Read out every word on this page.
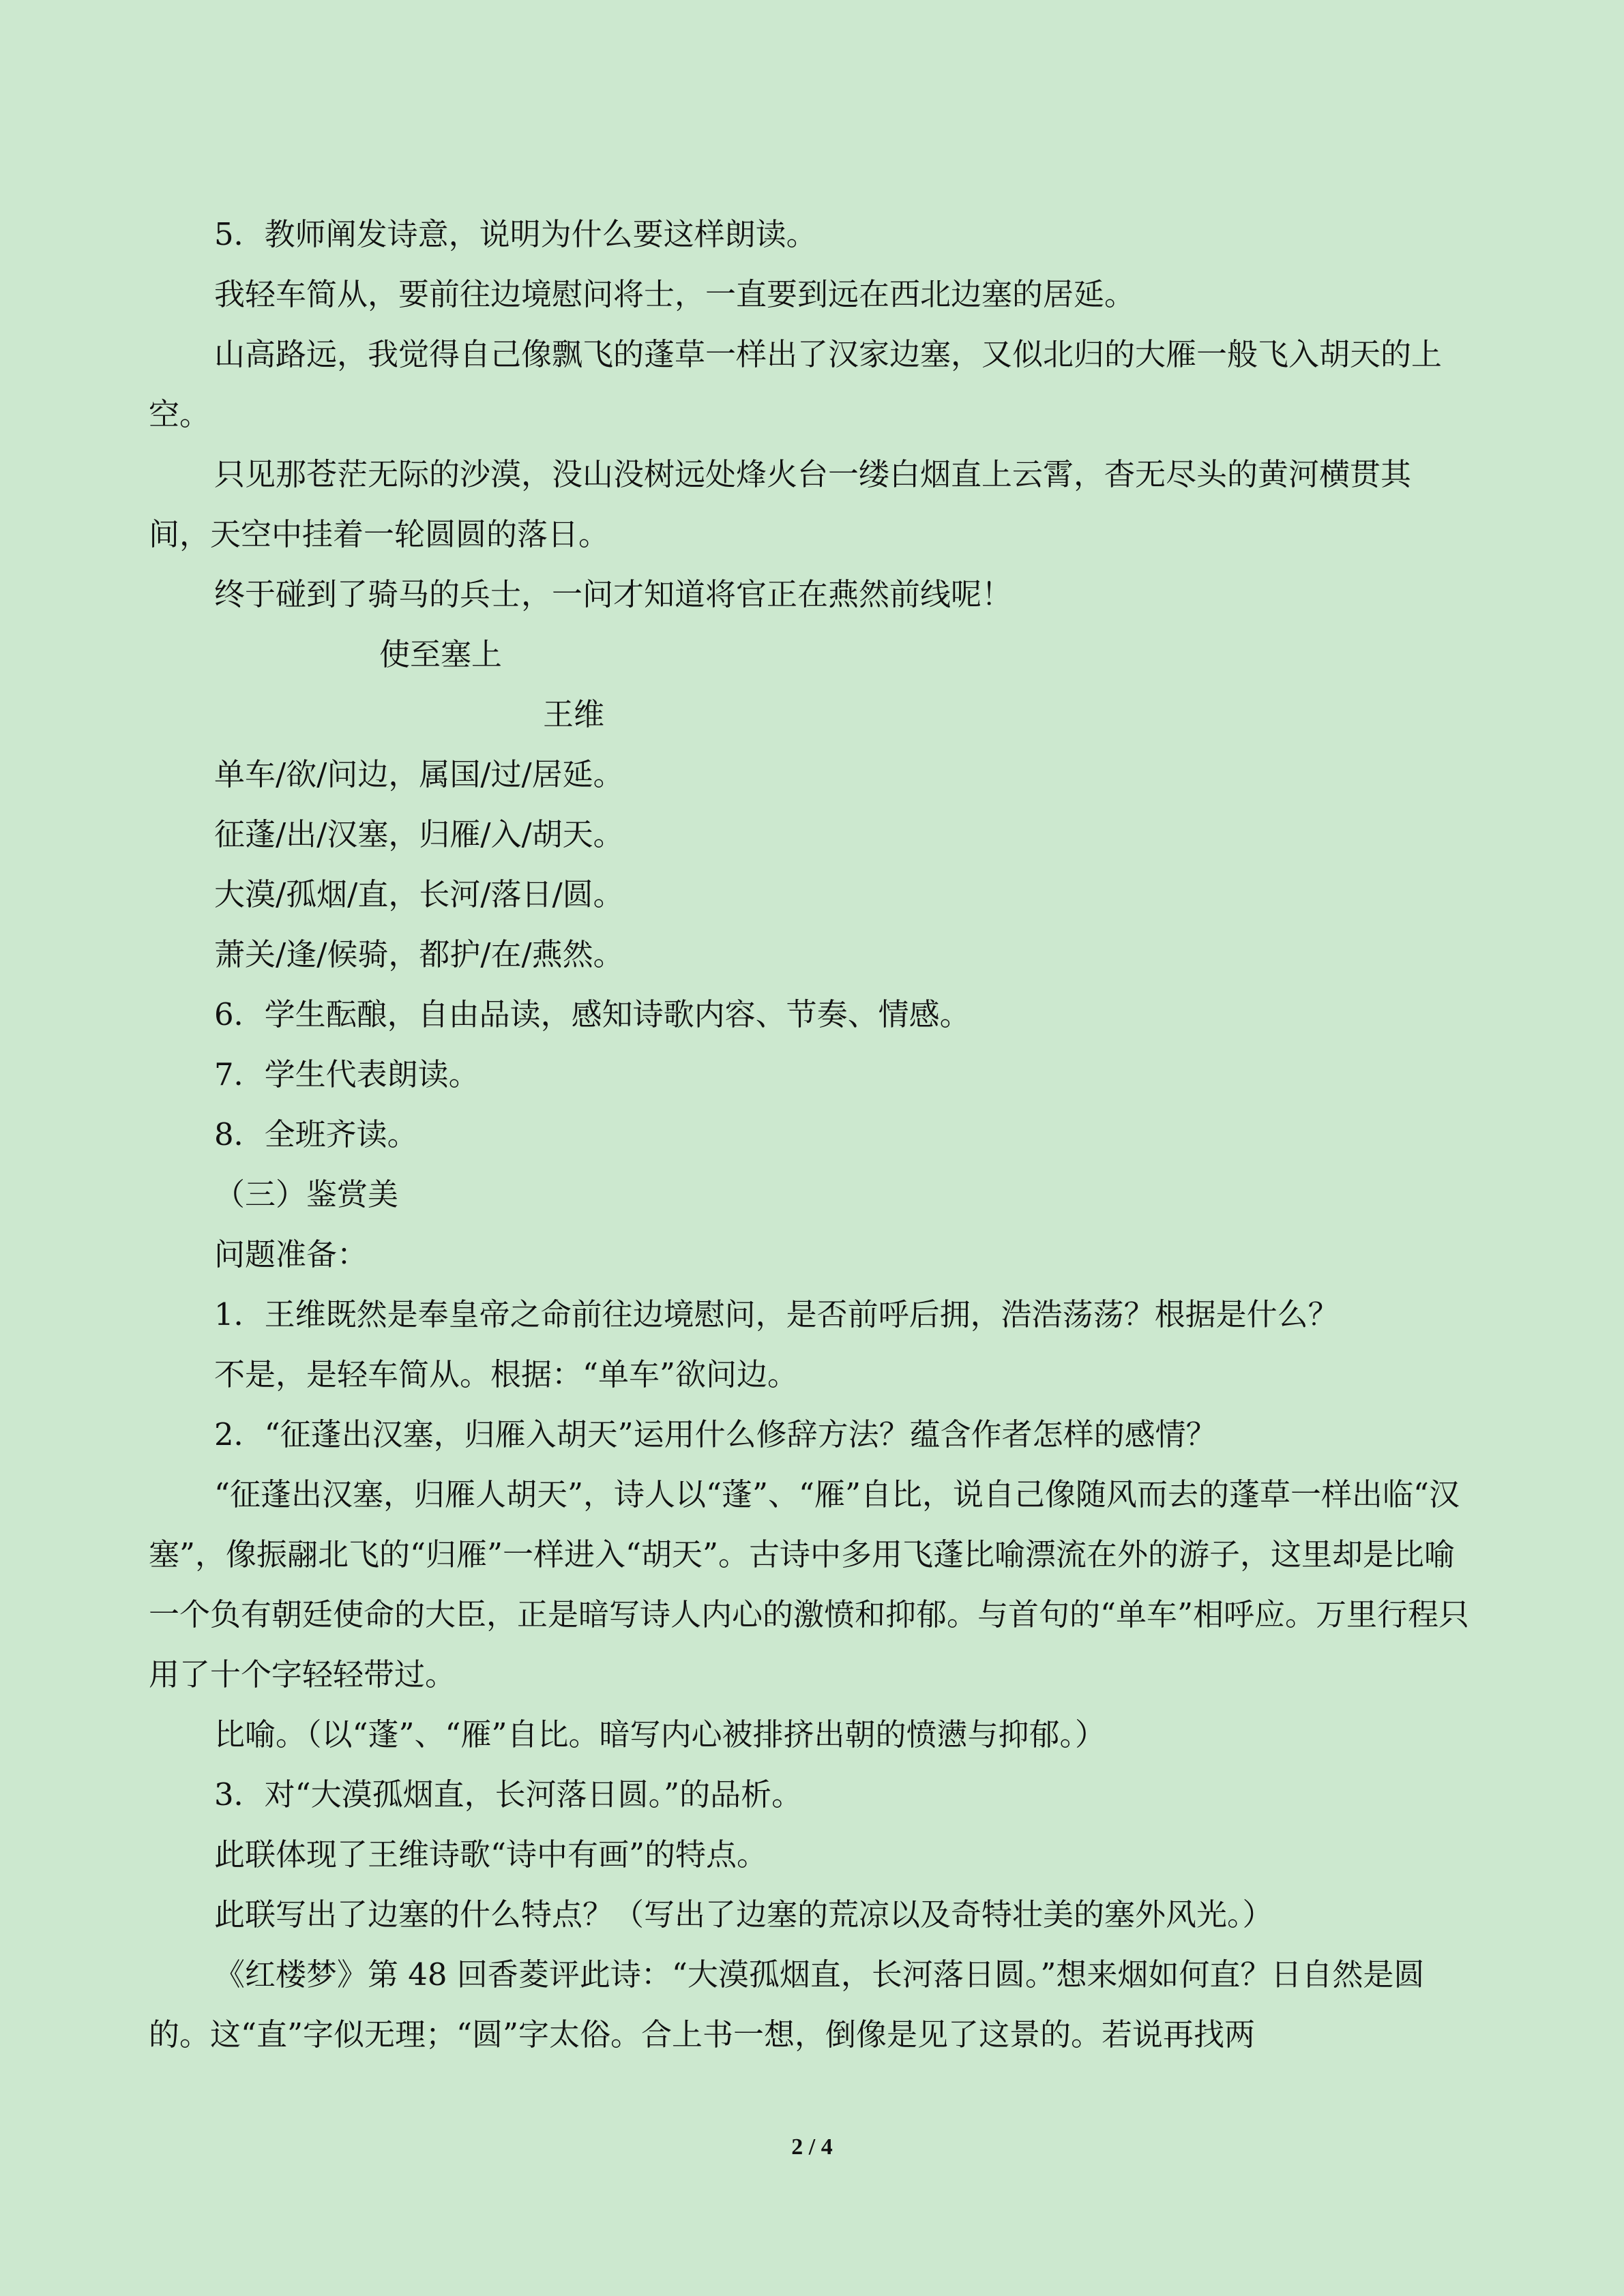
5．教师阐发诗意，说明为什么要这样朗读。

我轻车简从，要前往边境慰问将士，一直要到远在西北边塞的居延。

山高路远，我觉得自己像飘飞的蓬草一样出了汉家边塞，又似北归的大雁一般飞入胡天的上空。

只见那苍茫无际的沙漠，没山没树远处烽火台一缕白烟直上云霄，杳无尽头的黄河横贯其间，天空中挂着一轮圆圆的落日。

终于碰到了骑马的兵士，一问才知道将官正在燕然前线呢！

使至塞上

王维

单车/欲/问边，属国/过/居延。

征蓬/出/汉塞，归雁/入/胡天。

大漠/孤烟/直，长河/落日/圆。

萧关/逢/候骑，都护/在/燕然。

6．学生酝酿，自由品读，感知诗歌内容、节奏、情感。

7．学生代表朗读。

8．全班齐读。

（三）鉴赏美

问题准备：

1．王维既然是奉皇帝之命前往边境慰问，是否前呼后拥，浩浩荡荡？根据是什么？

不是，是轻车简从。根据：“单车”欲问边。

2．“征蓬出汉塞，归雁入胡天”运用什么修辞方法？蕴含作者怎样的感情？

“征蓬出汉塞，归雁人胡天”，诗人以“蓬”、“雁”自比，说自己像随风而去的蓬草一样出临“汉塞”，像振翮北飞的“归雁”一样进入“胡天”。古诗中多用飞蓬比喻漂流在外的游子，这里却是比喻一个负有朝廷使命的大臣，正是暗写诗人内心的激愤和抑郁。与首句的“单车”相呼应。万里行程只用了十个字轻轻带过。

比喻。（以“蓬”、“雁”自比。暗写内心被排挤出朝的愤懑与抑郁。）

3．对“大漠孤烟直，长河落日圆。”的品析。

此联体现了王维诗歌“诗中有画”的特点。

此联写出了边塞的什么特点？（写出了边塞的荒凉以及奇特壮美的塞外风光。）

《红楼梦》第 48 回香菱评此诗：“大漠孤烟直，长河落日圆。”想来烟如何直？日自然是圆的。这“直”字似无理；“圆”字太俗。合上书一想，倒像是见了这景的。若说再找两

2 / 4
